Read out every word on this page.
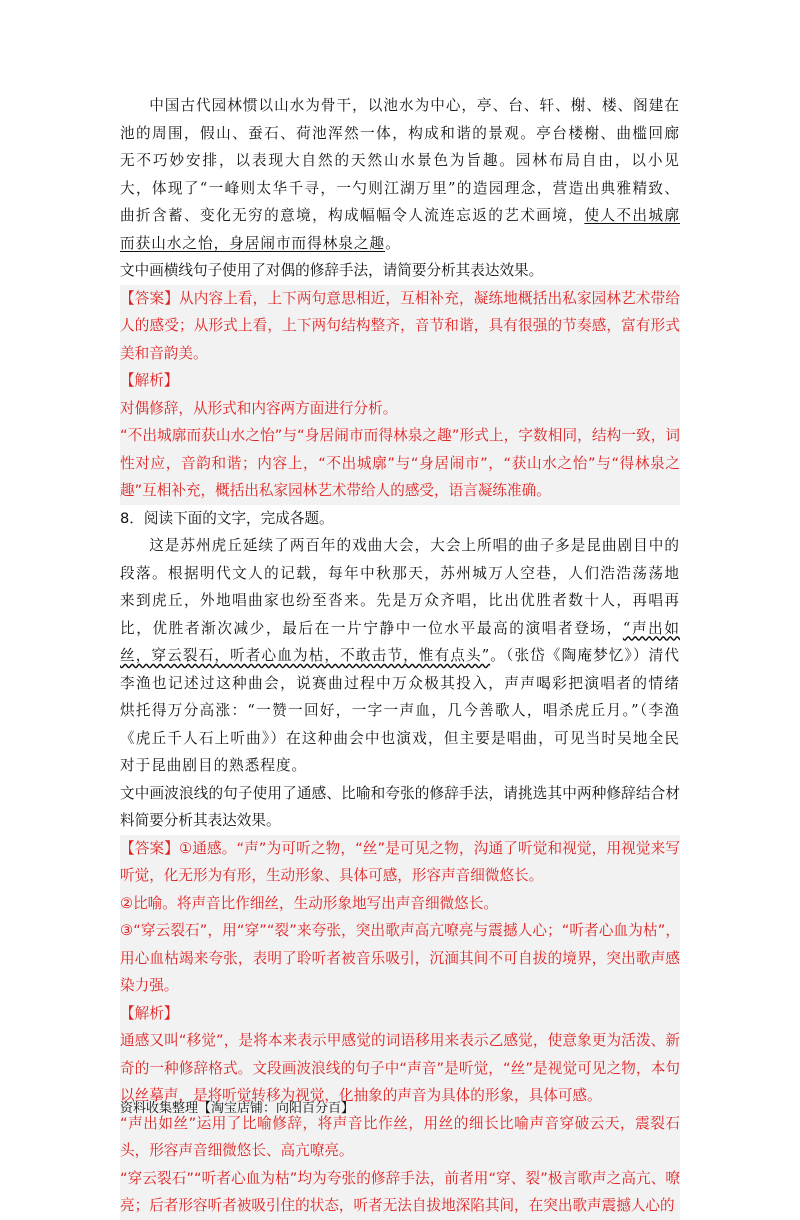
中国古代园林惯以山水为骨干，以池水为中心，亭、台、轩、榭、楼、阁建在池的周围，假山、蚕石、荷池浑然一体，构成和谐的景观。亭台楼榭、曲槛回廊无不巧妙安排，以表现大自然的天然山水景色为旨趣。园林布局自由，以小见大，体现了“一峰则太华千寻，一勺则江湖万里”的造园理念，营造出典雅精致、曲折含蓄、变化无穷的意境，构成幅幅令人流连忘返的艺术画境，使人不出城廓而获山水之怡，身居闹市而得林泉之趣。

文中画横线句子使用了对偶的修辞手法，请简要分析其表达效果。

【答案】从内容上看，上下两句意思相近，互相补充，凝练地概括出私家园林艺术带给人的感受；从形式上看，上下两句结构整齐，音节和谐，具有很强的节奏感，富有形式美和音韵美。

【解析】

对偶修辞，从形式和内容两方面进行分析。

“不出城廓而获山水之怡”与“身居闹市而得林泉之趣”形式上，字数相同，结构一致，词性对应，音韵和谐；内容上，“不出城廓”与“身居闹市”，“获山水之怡”与“得林泉之趣”互相补充，概括出私家园林艺术带给人的感受，语言凝练准确。

8．阅读下面的文字，完成各题。

这是苏州虎丘延续了两百年的戏曲大会，大会上所唱的曲子多是昆曲剧目中的段落。根据明代文人的记载，每年中秋那天，苏州城万人空巷，人们浩浩荡荡地来到虎丘，外地唱曲家也纷至沓来。先是万众齐唱，比出优胜者数十人，再唱再比，优胜者渐次减少，最后在一片宁静中一位水平最高的演唱者登场，“声出如丝，穿云裂石，听者心血为枯，不敢击节，惟有点头”。（张岱《陶庵梦忆》）清代李渔也记述过这种曲会，说赛曲过程中万众极其投入，声声喝彩把演唱者的情绪烘托得万分高涨：“一赞一回好，一字一声血，几今善歌人，唱杀虎丘月。”（李渔《虎丘千人石上听曲》）在这种曲会中也演戏，但主要是唱曲，可见当时吴地全民对于昆曲剧目的熟悉程度。

文中画波浪线的句子使用了通感、比喻和夸张的修辞手法，请挑选其中两种修辞结合材料简要分析其表达效果。

【答案】①通感。“声”为可听之物，“丝”是可见之物，沟通了听觉和视觉，用视觉来写听觉，化无形为有形，生动形象、具体可感，形容声音细微悠长。

②比喻。将声音比作细丝，生动形象地写出声音细微悠长。

③“穿云裂石”，用“穿”“裂”来夸张，突出歌声高亢嘹亮与震撼人心；“听者心血为枯”，用心血枯竭来夸张，表明了聆听者被音乐吸引，沉湎其间不可自拔的境界，突出歌声感染力强。

【解析】

通感又叫“移觉”，是将本来表示甲感觉的词语移用来表示乙感觉，使意象更为活泼、新奇的一种修辞格式。文段画波浪线的句子中“声音”是听觉，“丝”是视觉可见之物，本句以丝摹声，是将听觉转移为视觉，化抽象的声音为具体的形象，具体可感。

“声出如丝”运用了比喻修辞，将声音比作丝，用丝的细长比喻声音穿破云天，震裂石头，形容声音细微悠长、高亢嘹亮。

“穿云裂石”“听者心血为枯”均为夸张的修辞手法，前者用“穿、裂”极言歌声之高亢、嘹亮；后者形容听者被吸引住的状态，听者无法自拔地深陷其间，在突出歌声震撼人心的

资料收集整理【淘宝店铺：向阳百分百】
